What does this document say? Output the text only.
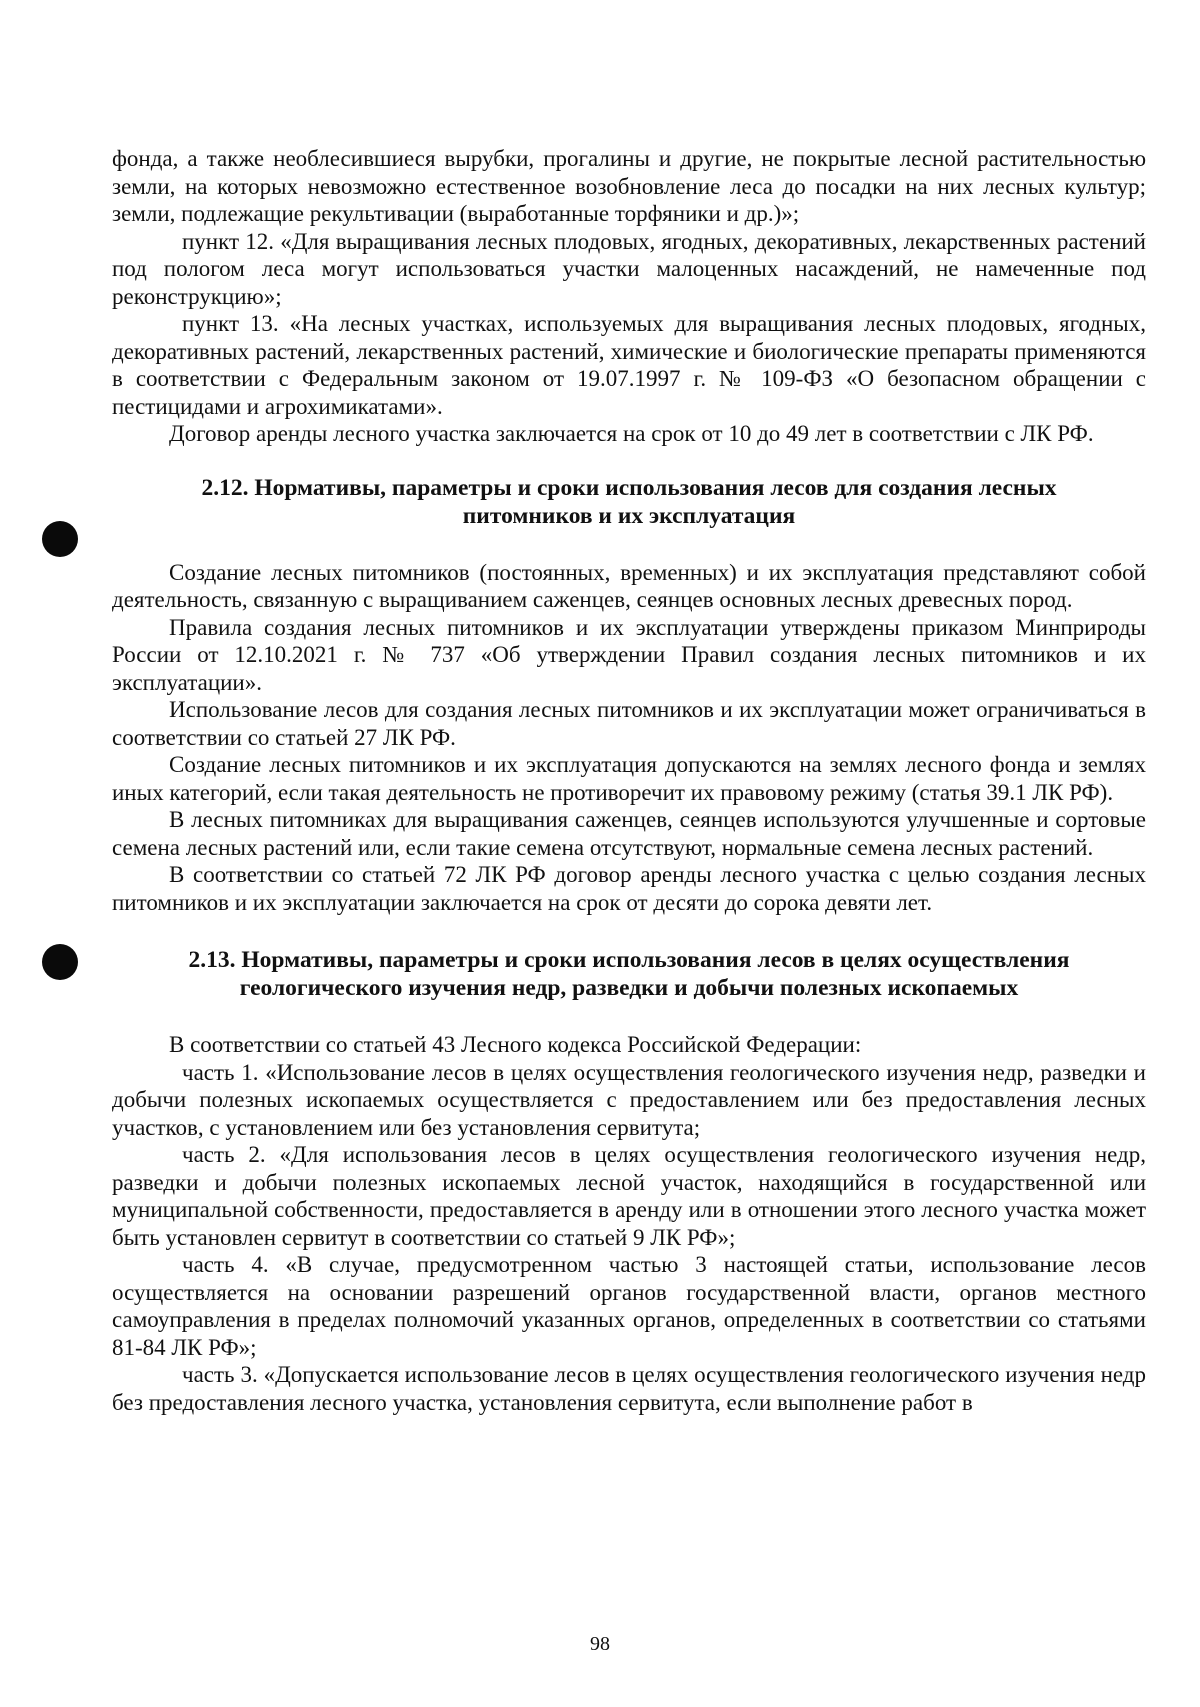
фонда, а также необлесившиеся вырубки, прогалины и другие, не покрытые лесной растительностью земли, на которых невозможно естественное возобновление леса до посадки на них лесных культур; земли, подлежащие рекультивации (выработанные торфяники и др.)»;

пункт 12. «Для выращивания лесных плодовых, ягодных, декоративных, лекарственных растений под пологом леса могут использоваться участки малоценных насаждений, не намеченные под реконструкцию»;

пункт 13. «На лесных участках, используемых для выращивания лесных плодовых, ягодных, декоративных растений, лекарственных растений, химические и биологические препараты применяются в соответствии с Федеральным законом от 19.07.1997 г. № 109-ФЗ «О безопасном обращении с пестицидами и агрохимикатами».

Договор аренды лесного участка заключается на срок от 10 до 49 лет в соответствии с ЛК РФ.

2.12. Нормативы, параметры и сроки использования лесов для создания лесных
питомников и их эксплуатация

Создание лесных питомников (постоянных, временных) и их эксплуатация представляют собой деятельность, связанную с выращиванием саженцев, сеянцев основных лесных древесных пород.

Правила создания лесных питомников и их эксплуатации утверждены приказом Минприроды России от 12.10.2021 г. № 737 «Об утверждении Правил создания лесных питомников и их эксплуатации».

Использование лесов для создания лесных питомников и их эксплуатации может ограничиваться в соответствии со статьей 27 ЛК РФ.

Создание лесных питомников и их эксплуатация допускаются на землях лесного фонда и землях иных категорий, если такая деятельность не противоречит их правовому режиму (статья 39.1 ЛК РФ).

В лесных питомниках для выращивания саженцев, сеянцев используются улучшенные и сортовые семена лесных растений или, если такие семена отсутствуют, нормальные семена лесных растений.

В соответствии со статьей 72 ЛК РФ договор аренды лесного участка с целью создания лесных питомников и их эксплуатации заключается на срок от десяти до сорока девяти лет.

2.13. Нормативы, параметры и сроки использования лесов в целях осуществления
геологического изучения недр, разведки и добычи полезных ископаемых

В соответствии со статьей 43 Лесного кодекса Российской Федерации:

часть 1. «Использование лесов в целях осуществления геологического изучения недр, разведки и добычи полезных ископаемых осуществляется с предоставлением или без предоставления лесных участков, с установлением или без установления сервитута;

часть 2. «Для использования лесов в целях осуществления геологического изучения недр, разведки и добычи полезных ископаемых лесной участок, находящийся в государственной или муниципальной собственности, предоставляется в аренду или в отношении этого лесного участка может быть установлен сервитут в соответствии со статьей 9 ЛК РФ»;

часть 4. «В случае, предусмотренном частью 3 настоящей статьи, использование лесов осуществляется на основании разрешений органов государственной власти, органов местного самоуправления в пределах полномочий указанных органов, определенных в соответствии со статьями 81-84 ЛК РФ»;

часть 3. «Допускается использование лесов в целях осуществления геологического изучения недр без предоставления лесного участка, установления сервитута, если выполнение работ в

98
